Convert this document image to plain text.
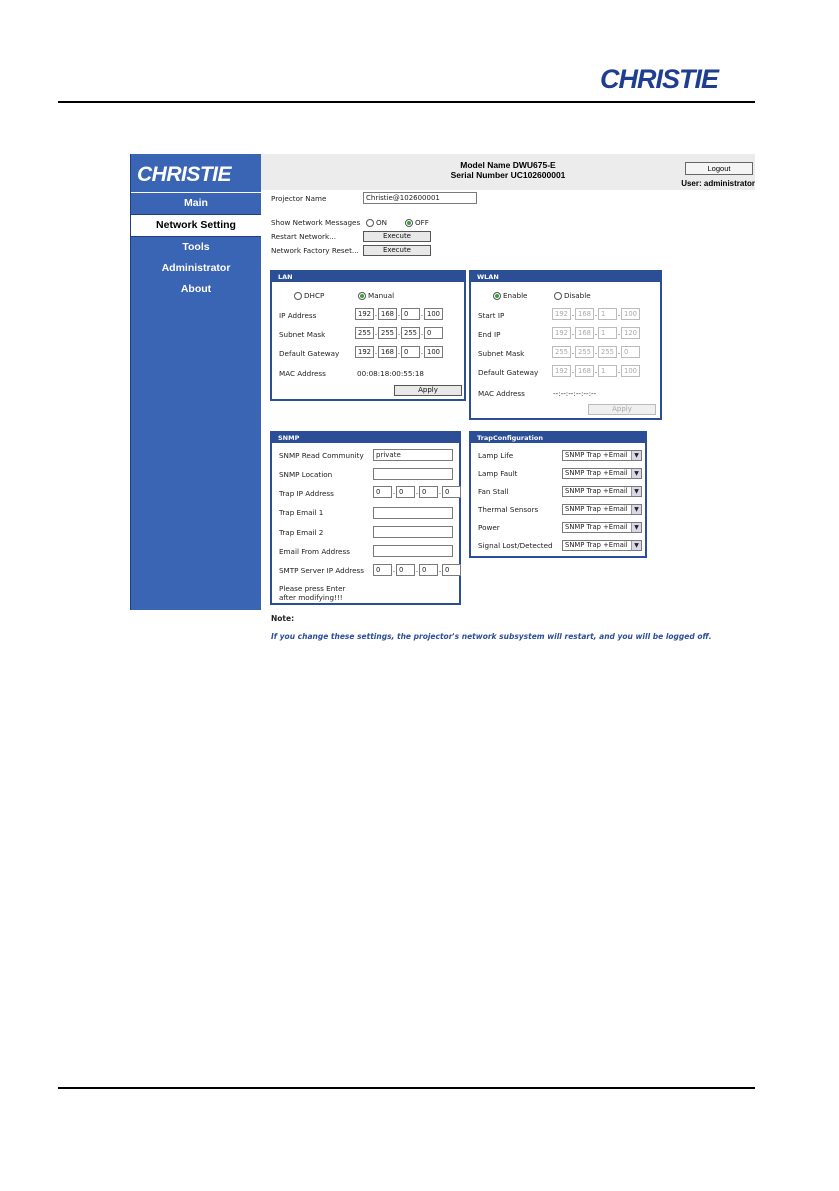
CHRISTIE
CHRISTIE
Main
Network Setting
Tools
Administrator
About
Model Name DWU675-E
Serial Number UC102600001
Logout
User: administrator
Projector Name	Christie@102600001
Show Network Messages ON	OFF
Restart Network...	Execute
Network Factory Reset...	Execute
LAN
DHCP	Manual
IP Address	192 . 168 . 0	. 100
Subnet Mask	255 . 255 . 255 . 0
Default Gateway	192 . 168 . 0	. 100
MAC Address	00:08:18:00:55:18
Apply
WLAN
Enable	Disable
Start IP	192 . 168 . 1	. 100
End IP	192 . 168 . 1	. 120
Subnet Mask	255 . 255 . 255 . 0
Default Gateway	192 . 168 . 1	. 100
MAC Address	--:--:--:--:--:--
Apply
SNMP
SNMP Read Community	private
SNMP Location
Trap IP Address	0	. 0	. 0	. 0
Trap Email 1
Trap Email 2
Email From Address
SMTP Server IP Address	0	. 0	. 0	. 0
Please press Enter
after modifying!!!
TrapConfiguration
Lamp Life	SNMP Trap +Email	▼
Lamp Fault	SNMP Trap +Email	▼
Fan Stall	SNMP Trap +Email	▼
Thermal Sensors	SNMP Trap +Email	▼
Power	SNMP Trap +Email	▼
Signal Lost/Detected	SNMP Trap +Email	▼
Note:
If you change these settings, the projector's network subsystem will restart, and you will be logged off.
